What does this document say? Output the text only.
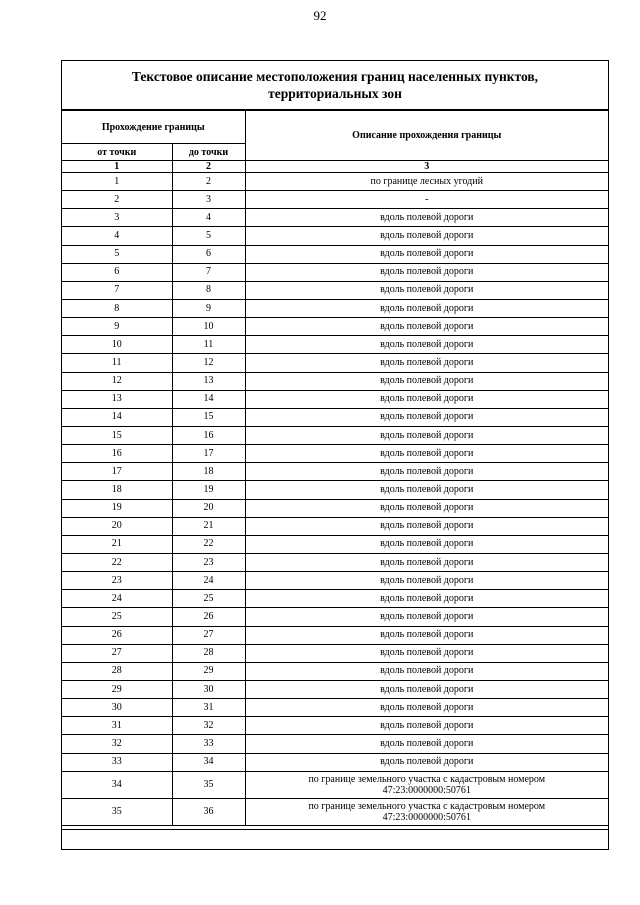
92
Текстовое описание местоположения границ населенных пунктов,
территориальных зон
Прохождение границы		Описание прохождения границы
от точки	до точки	
1	2	3
1	2	по границе лесных угодий
2	3	-
3	4	вдоль полевой дороги
4	5	вдоль полевой дороги
5	6	вдоль полевой дороги
6	7	вдоль полевой дороги
7	8	вдоль полевой дороги
8	9	вдоль полевой дороги
9	10	вдоль полевой дороги
10	11	вдоль полевой дороги
11	12	вдоль полевой дороги
12	13	вдоль полевой дороги
13	14	вдоль полевой дороги
14	15	вдоль полевой дороги
15	16	вдоль полевой дороги
16	17	вдоль полевой дороги
17	18	вдоль полевой дороги
18	19	вдоль полевой дороги
19	20	вдоль полевой дороги
20	21	вдоль полевой дороги
21	22	вдоль полевой дороги
22	23	вдоль полевой дороги
23	24	вдоль полевой дороги
24	25	вдоль полевой дороги
25	26	вдоль полевой дороги
26	27	вдоль полевой дороги
27	28	вдоль полевой дороги
28	29	вдоль полевой дороги
29	30	вдоль полевой дороги
30	31	вдоль полевой дороги
31	32	вдоль полевой дороги
32	33	вдоль полевой дороги
33	34	вдоль полевой дороги
34	35	по границе земельного участка с кадастровым номером
47:23:0000000:50761
35	36	по границе земельного участка с кадастровым номером
47:23:0000000:50761
